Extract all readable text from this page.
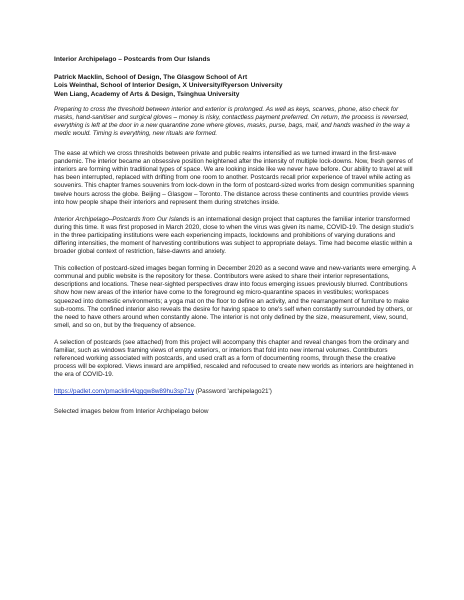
Interior Archipelago – Postcards from Our Islands
Patrick Macklin, School of Design, The Glasgow School of Art
Lois Weinthal, School of Interior Design, X University/Ryerson University
Wen Liang, Academy of Arts & Design, Tsinghua University

Preparing to cross the threshold between interior and exterior is prolonged. As well as keys, scarves, phone, also check for masks, hand-sanitiser and surgical gloves – money is risky, contactless payment preferred. On return, the process is reversed, everything is left at the door in a new quarantine zone where gloves, masks, purse, bags, mail, and hands washed in the way a medic would. Timing is everything, new rituals are formed.

The ease at which we cross thresholds between private and public realms intensified as we turned inward in the first-wave pandemic. The interior became an obsessive position heightened after the intensity of multiple lock-downs. Now, fresh genres of interiors are forming within traditional types of space. We are looking inside like we never have before. Our ability to travel at will has been interrupted, replaced with drifting from one room to another. Postcards recall prior experience of travel while acting as souvenirs. This chapter frames souvenirs from lock-down in the form of postcard-sized works from design communities spanning twelve hours across the globe. Beijing – Glasgow – Toronto. The distance across these continents and countries provide views into how people shape their interiors and represent them during stretches inside.

Interior Archipelago–Postcards from Our Islands is an international design project that captures the familiar interior transformed during this time. It was first proposed in March 2020, close to when the virus was given its name, COVID-19. The design studio's in the three participating institutions were each experiencing impacts, lockdowns and prohibitions of varying durations and differing intensities, the moment of harvesting contributions was subject to appropriate delays. Time had become elastic within a broader global context of restriction, false-dawns and anxiety.

This collection of postcard-sized images began forming in December 2020 as a second wave and new-variants were emerging. A communal and public website is the repository for these. Contributors were asked to share their interior representations, descriptions and locations. These near-sighted perspectives draw into focus emerging issues previously blurred. Contributions show how new areas of the interior have come to the foreground eg micro-quarantine spaces in vestibules; workspaces squeezed into domestic environments; a yoga mat on the floor to define an activity, and the rearrangement of furniture to make sub-rooms. The confined interior also reveals the desire for having space to one's self when constantly surrounded by others, or the need to have others around when constantly alone. The interior is not only defined by the size, measurement, view, sound, smell, and so on, but by the frequency of absence.

A selection of postcards (see attached) from this project will accompany this chapter and reveal changes from the ordinary and familiar, such as windows framing views of empty exteriors, or interiors that fold into new internal volumes. Contributors referenced working associated with postcards, and used craft as a form of documenting rooms, through these the creative process will be explored. Views inward are amplified, rescaled and refocused to create new worlds as interiors are heightened in the era of COVID-19.

https://padlet.com/pmacklin4/qgqw8w89hu3sp71y (Password 'archipelago21')

Selected images below from Interior Archipelago below
